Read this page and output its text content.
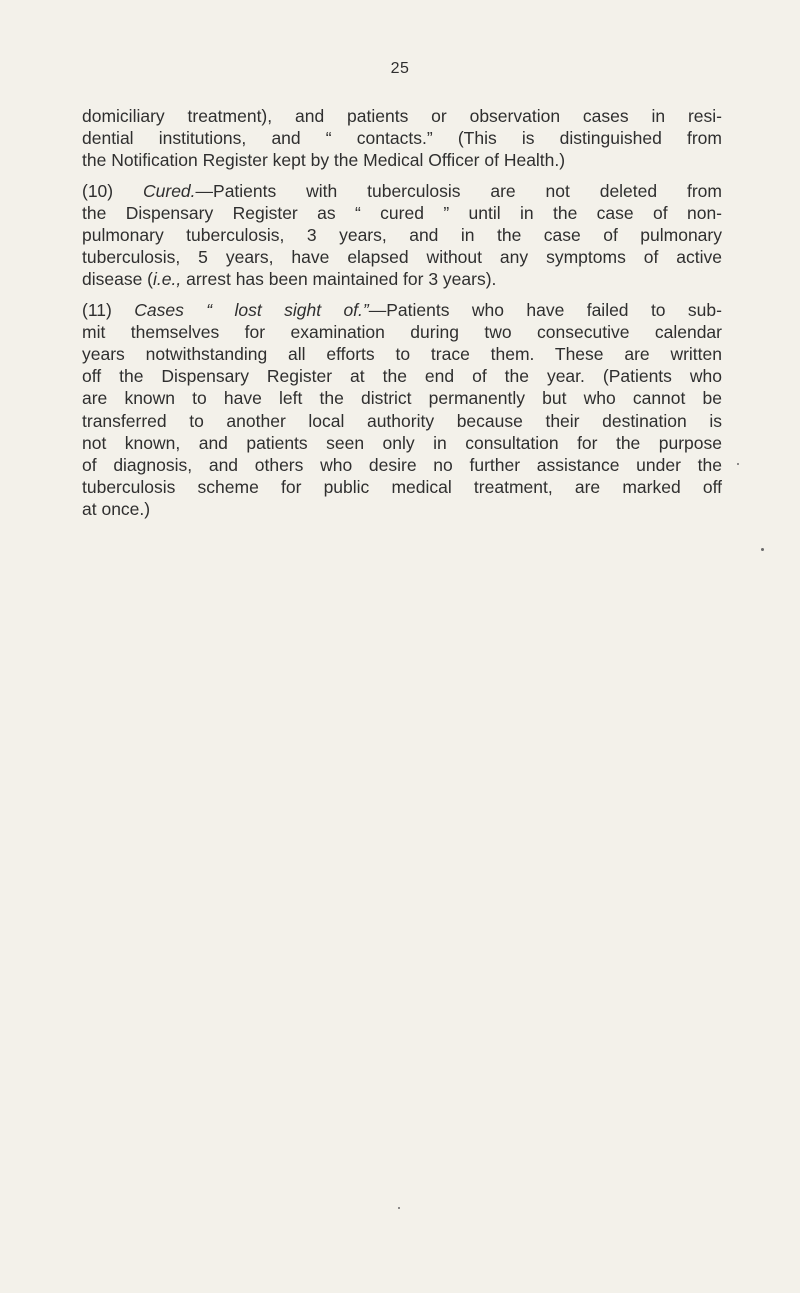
25
domiciliary treatment), and patients or observation cases in resi-
dential institutions, and “ contacts.” (This is distinguished from
the Notification Register kept by the Medical Officer of Health.)
(10) Cured.—Patients with tuberculosis are not deleted from
the Dispensary Register as “ cured ” until in the case of non-
pulmonary tuberculosis, 3 years, and in the case of pulmonary
tuberculosis, 5 years, have elapsed without any symptoms of active
disease (i.e., arrest has been maintained for 3 years).
(11) Cases “ lost sight of.”—Patients who have failed to sub-
mit themselves for examination during two consecutive calendar
years notwithstanding all efforts to trace them. These are written
off the Dispensary Register at the end of the year. (Patients who
are known to have left the district permanently but who cannot be
transferred to another local authority because their destination is
not known, and patients seen only in consultation for the purpose
of diagnosis, and others who desire no further assistance under the
tuberculosis scheme for public medical treatment, are marked off
at once.)
